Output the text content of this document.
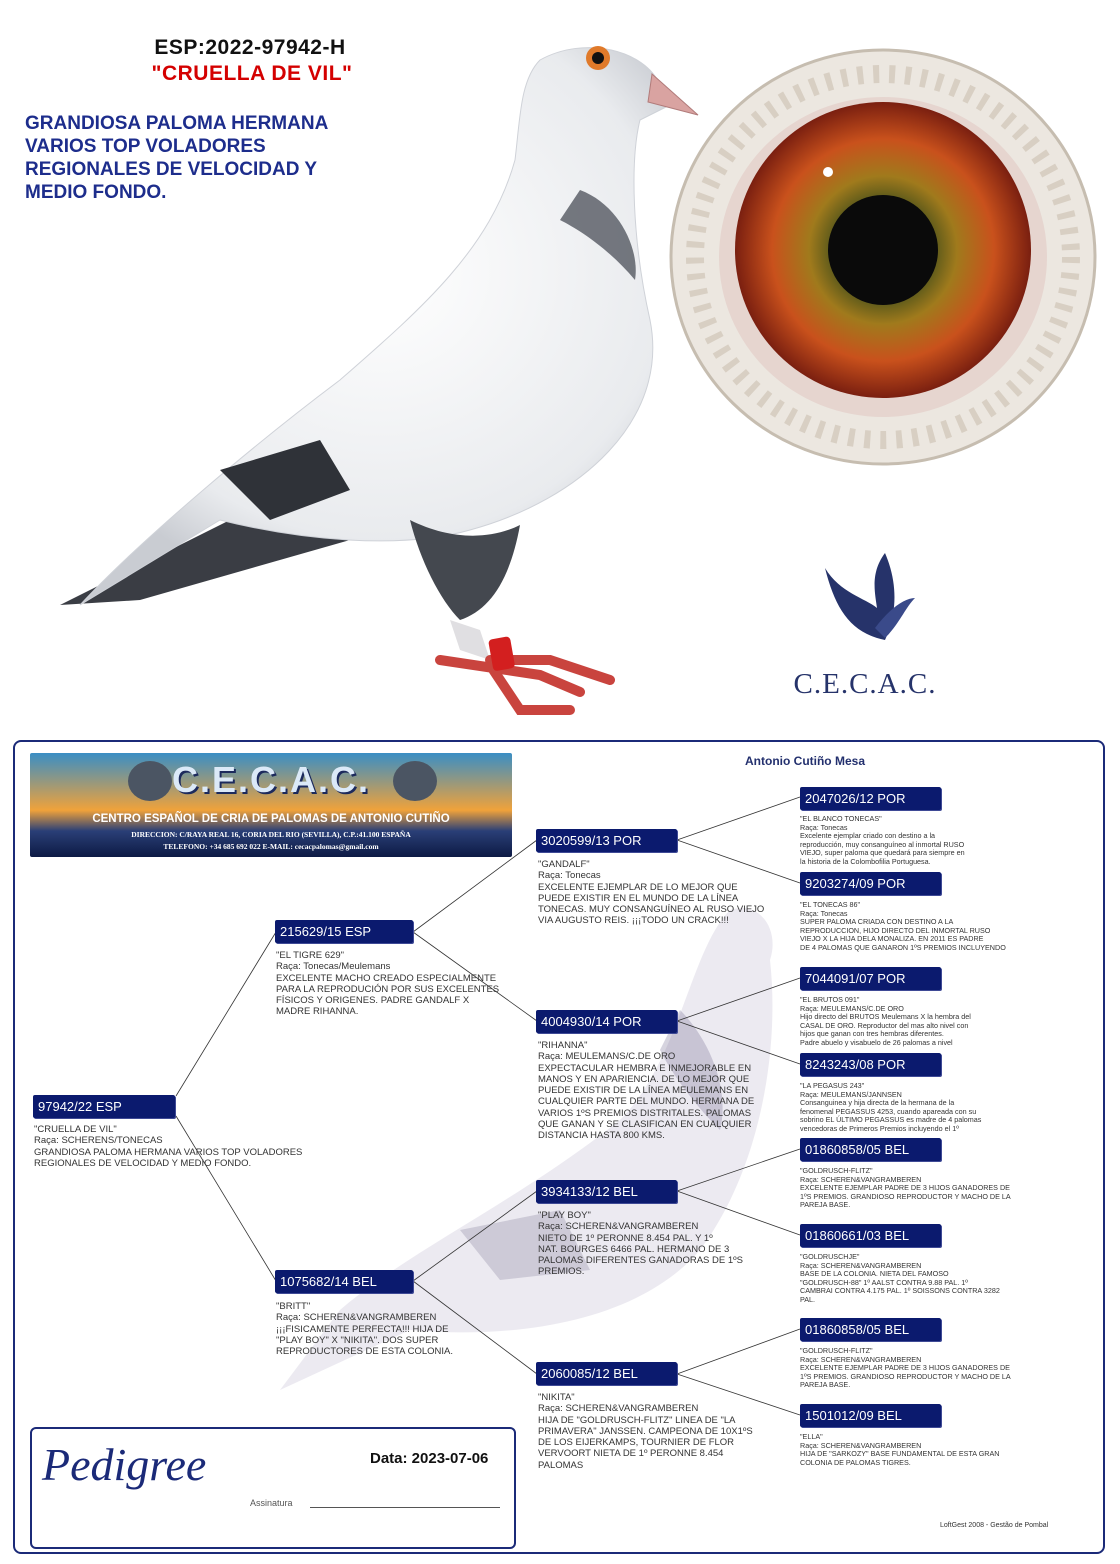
ESP:2022-97942-H
"CRUELLA DE VIL"
GRANDIOSA PALOMA HERMANA
VARIOS TOP VOLADORES
REGIONALES DE VELOCIDAD Y
MEDIO FONDO.
C.E.C.A.C.
Antonio Cutiño Mesa
C.E.C.A.C.
CENTRO ESPAÑOL DE CRIA DE PALOMAS DE ANTONIO CUTIÑO
DIRECCION: C/RAYA REAL 16, CORIA DEL RIO (SEVILLA), C.P.:41.100 ESPAÑA
TELEFONO: +34 685 692 022 E-MAIL: cecacpalomas@gmail.com
97942/22 ESP
"CRUELLA DE VIL"
Raça: SCHERENS/TONECAS
GRANDIOSA PALOMA HERMANA VARIOS TOP VOLADORES
REGIONALES DE VELOCIDAD Y MEDIO FONDO.
215629/15 ESP
"EL TIGRE 629"
Raça: Tonecas/Meulemans
EXCELENTE MACHO CREADO ESPECIALMENTE
PARA LA REPRODUCIÓN POR SUS EXCELENTES
FÍSICOS Y ORIGENES. PADRE GANDALF X
MADRE RIHANNA.
1075682/14 BEL
"BRITT"
Raça: SCHEREN&VANGRAMBEREN
¡¡¡FISICAMENTE PERFECTA!!! HIJA DE
"PLAY BOY" X "NIKITA". DOS SUPER
REPRODUCTORES DE ESTA COLONIA.
3020599/13 POR
"GANDALF"
Raça: Tonecas
EXCELENTE EJEMPLAR DE LO MEJOR QUE
PUEDE EXISTIR EN EL MUNDO DE LA LÍNEA
TONECAS. MUY CONSANGUÍNEO AL RUSO VIEJO
VIA AUGUSTO REIS. ¡¡¡TODO UN CRACK!!!
4004930/14 POR
"RIHANNA"
Raça: MEULEMANS/C.DE ORO
EXPECTACULAR HEMBRA E INMEJORABLE EN
MANOS Y EN APARIENCIA. DE LO MEJOR QUE
PUEDE EXISTIR DE LA LÍNEA MEULEMANS EN
CUALQUIER PARTE DEL MUNDO. HERMANA DE
VARIOS 1ºS PREMIOS DISTRITALES. PALOMAS
QUE GANAN Y SE CLASIFICAN EN CUALQUIER
DISTANCIA HASTA 800 KMS.
3934133/12 BEL
"PLAY BOY"
Raça: SCHEREN&VANGRAMBEREN
NIETO DE 1º PERONNE 8.454 PAL. Y 1º
NAT. BOURGES 6466 PAL. HERMANO DE 3
PALOMAS DIFERENTES GANADORAS DE 1ºS
PREMIOS.
2060085/12 BEL
"NIKITA"
Raça: SCHEREN&VANGRAMBEREN
HIJA DE "GOLDRUSCH-FLITZ" LINEA DE "LA
PRIMAVERA" JANSSEN. CAMPEONA DE 10X1ºS
DE LOS EIJERKAMPS, TOURNIER DE FLOR
VERVOORT NIETA DE 1º PERONNE 8.454
PALOMAS
2047026/12 POR
"EL BLANCO TONECAS"
Raça: Tonecas
Excelente ejemplar criado con destino a la
reproducción, muy consanguíneo al inmortal RUSO
VIEJO, super paloma que quedará para siempre en
la historia de la Colombofilia Portuguesa.
9203274/09 POR
"EL TONECAS 86"
Raça: Tonecas
SUPER PALOMA CRIADA CON DESTINO A LA
REPRODUCCION, HIJO DIRECTO DEL INMORTAL RUSO
VIEJO X LA HIJA DELA MONALIZA. EN 2011 ES PADRE
DE 4 PALOMAS QUE GANARON 1ºS PREMIOS INCLUYENDO
7044091/07 POR
"EL BRUTOS 091"
Raça: MEULEMANS/C.DE ORO
Hijo directo del BRUTOS Meulemans X la hembra del
CASAL DE ORO. Reproductor del mas alto nivel con
hijos que ganan con tres hembras diferentes.
Padre abuelo y visabuelo de 26 palomas a nivel
8243243/08 POR
"LA PEGASUS 243"
Raça: MEULEMANS/JANNSEN
Consanguinea y hija directa de la hermana de la
fenomenal PEGASSUS 4253, cuando apareada con su
sobrino EL ÚLTIMO PEGASSUS es madre de 4 palomas
vencedoras de Primeros Premios incluyendo el 1º
01860858/05 BEL
"GOLDRUSCH-FLITZ"
Raça: SCHEREN&VANGRAMBEREN
EXCELENTE EJEMPLAR PADRE DE 3 HIJOS GANADORES DE
1ºS PREMIOS. GRANDIOSO REPRODUCTOR Y MACHO DE LA
PAREJA BASE.
01860661/03 BEL
"GOLDRUSCHJE"
Raça: SCHEREN&VANGRAMBEREN
BASE DE LA COLONIA. NIETA DEL FAMOSO
"GOLDRUSCH-88" 1º AALST CONTRA 9.88 PAL. 1º
CAMBRAI CONTRA 4.175 PAL. 1º SOISSONS CONTRA 3282
PAL.
01860858/05 BEL
"GOLDRUSCH-FLITZ"
Raça: SCHEREN&VANGRAMBEREN
EXCELENTE EJEMPLAR PADRE DE 3 HIJOS GANADORES DE
1ºS PREMIOS. GRANDIOSO REPRODUCTOR Y MACHO DE LA
PAREJA BASE.
1501012/09 BEL
"ELLA"
Raça: SCHEREN&VANGRAMBEREN
HIJA DE "SARKOZY" BASE FUNDAMENTAL DE ESTA GRAN
COLONIA DE PALOMAS TIGRES.
Pedigree	Data: 2023-07-06
Assinatura
LoftGest 2008 - Gestão de Pombal
